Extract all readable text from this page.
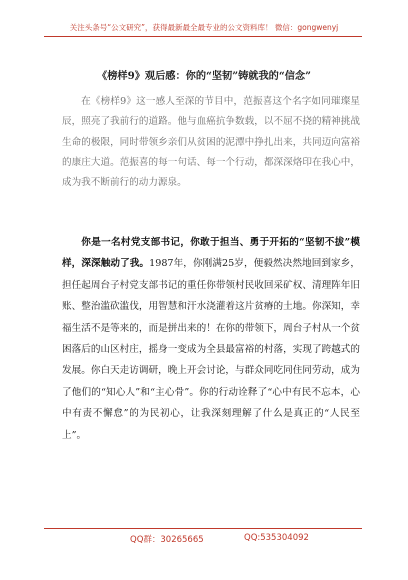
关注头条号“公文研究”，获得最新最全最专业的公文资料库！ 微信：gongwenyj
《榜样9》观后感：你的“坚韧”铸就我的“信念”
在《榜样9》这一感人至深的节目中，范振喜这个名字如同璀璨星辰，照亮了我前行的道路。他与血癌抗争数载，以不屈不挠的精神挑战生命的极限，同时带领乡亲们从贫困的泥潭中挣扎出来，共同迈向富裕的康庄大道。范振喜的每一句话、每一个行动，都深深烙印在我心中，成为我不断前行的动力源泉。
你是一名村党支部书记，你敢于担当、勇于开拓的“坚韧不拔”模样，深深触动了我。1987年，你刚满25岁，便毅然决然地回到家乡，担任起周台子村党支部书记的重任你带领村民收回采矿权、清理阵年旧账、整治滥砍滥伐，用智慧和汗水浇灌着这片贫瘠的土地。你深知，幸福生活不是等来的，而是拼出来的！在你的带领下，周台子村从一个贫困落后的山区村庄，摇身一变成为全县最富裕的村落，实现了跨越式的发展。你白天走访调研，晚上开会讨论，与群众同吃同住同劳动，成为了他们的“知心人”和“主心骨”。你的行动诠释了“心中有民不忘本，心中有责不懈怠”的为民初心，让我深刻理解了什么是真正的“人民至上”。
QQ群：30265665	QQ:535304092
